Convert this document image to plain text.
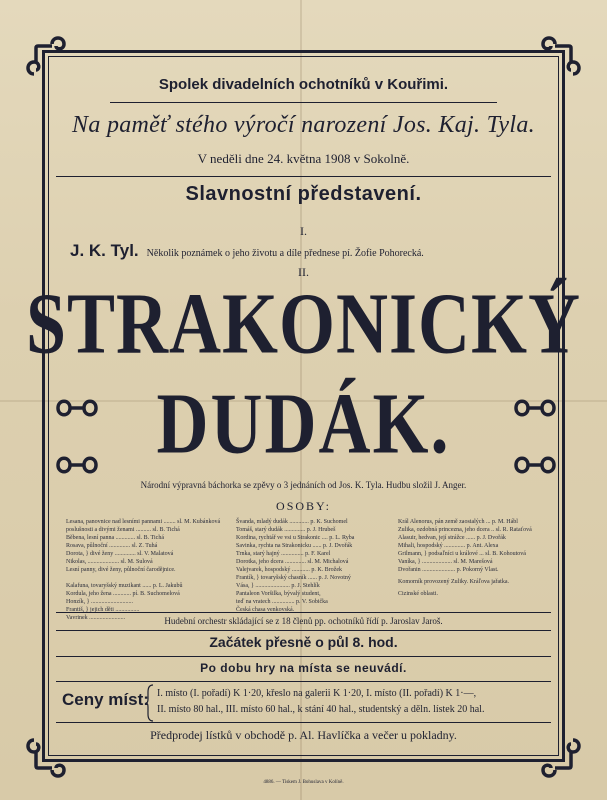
Spolek divadelních ochotníků v Kouřimi.
Na paměť stého výročí narození Jos. Kaj. Tyla.
V neděli dne 24. května 1908 v Sokolně.
Slavnostní představení.
I.
J. K. Tyl. Několik poznámek o jeho životu a díle přednese pí. Žofie Pohorecká.
II.
STRAKONICKÝ
DUDÁK.
Národní výpravná báchorka se zpěvy o 3 jednáních od Jos. K. Tyla. Hudbu složil J. Anger.
OSOBY:
Lesana, panovnice nad lesními pannami ........ sl. M. Kubánková
poslušnosti a divými ženami .......... sl. B. Tichá
Běbena, lesní panna ............. sl. B. Tichá
Rosava, půlnoční .............. sl. Z. Tuhá
Dorota, } divé ženy .............. sl. V. Malatová
Nikolas, ..................... sl. M. Sulová
Lesní panny, divé ženy, půlnoční čarodějnice.
Kalafuna, tovaryšský muzikant ...... p. L. Jakubů
Kordula, jeho žena ............ pí. B. Suchomelová
Honzík, } ............................
Františ, } jejich děti ................
Vavrinek ........................
Švanda, mladý dudák ............. p. K. Suchomel
Tomáš, starý dudák .............. p. J. Hrubeš
Kordina, rychtář ve vsi u Strakonic .... p. L. Ryba
Savinka, rychta na Strakonicku ...... p. J. Dvořák
Trnka, starý hajný ............... p. F. Karel
Dorotka, jeho dcera .............. sl. M. Michalová
Valejvarek, hospodský ............ p. K. Brožek
Frantík, } tovaryšský chasník ...... p. J. Novotný
Vása, } ....................... p. J. Stehlík
Pantaleon Voršilka, bývalý student,
teď na vratech ............... p. V. Sobička
Česká chasa venkovská.
Král Alenorus, pán země zaostalých ... p. M. Hábl
Zulika, ozdobná princezna, jeho dcera .. sl. R. Rataťová
Alasuir, hedvan, její strážce ...... p. J. Dvořák
Mihali, hospodský .............. p. Ant. Alexa
Grilmann, } podsaľníci u králové ... sl. B. Kohoutová
Vaníka, } .................... sl. M. Marešová
Dvořanin ...................... p. Pokorný Vlast.
Komorník provozený Zuliky. Kráľova jařatka.
Cizinské oblasti.
Hudební orchestr skládající se z 18 členů pp. ochotníků řídí p. Jaroslav Jaroš.
Začátek přesně o půl 8. hod.
Po dobu hry na místa se neuvádí.
Ceny míst: I. místo (I. pořadí) K 1·20, křeslo na galerii K 1·20, I. místo (II. pořadí) K 1·—,
II. místo 80 hal., III. místo 60 hal., k stání 40 hal., studentský a děln. lístek 20 hal.
Předprodej lístků v obchodě p. Al. Havlíčka a večer u pokladny.
4886. — Tiskem J. Bohuslava v Kolíně.
